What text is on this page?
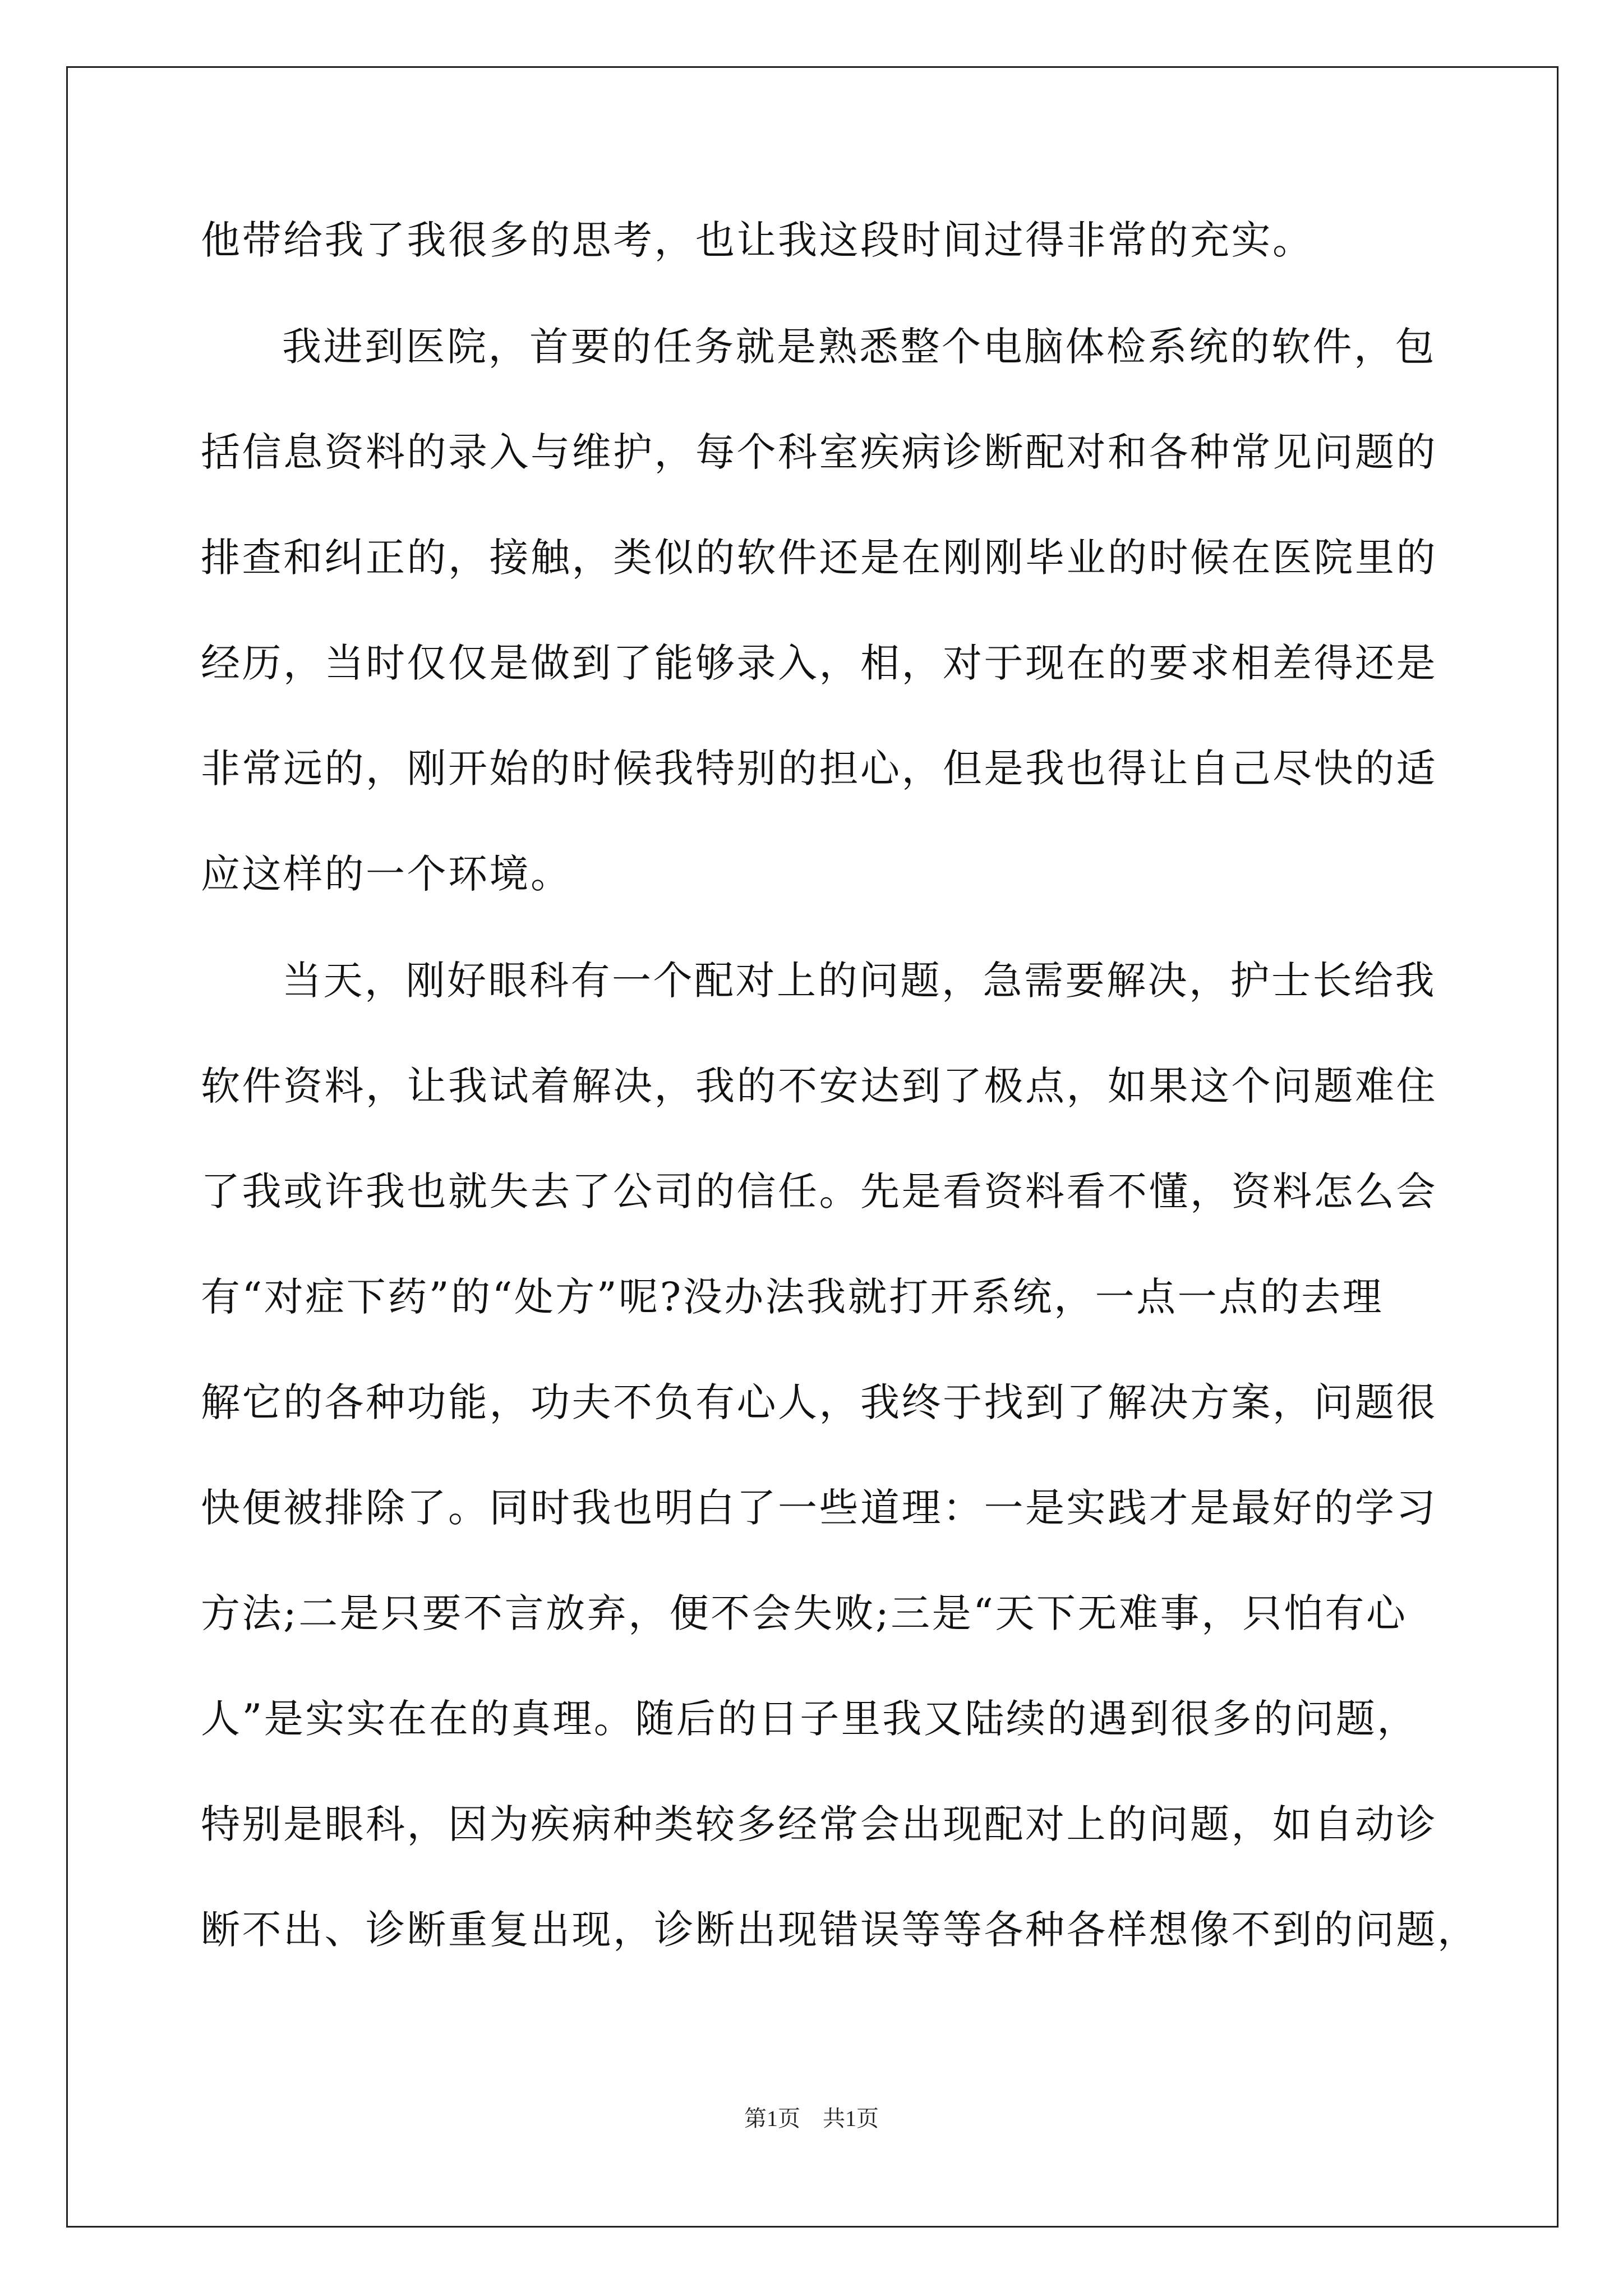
他带给我了我很多的思考，也让我这段时间过得非常的充实。
我进到医院，首要的任务就是熟悉整个电脑体检系统的软件，包
括信息资料的录入与维护，每个科室疾病诊断配对和各种常见问题的
排查和纠正的，接触，类似的软件还是在刚刚毕业的时候在医院里的
经历，当时仅仅是做到了能够录入，相，对于现在的要求相差得还是
非常远的，刚开始的时候我特别的担心，但是我也得让自己尽快的适
应这样的一个环境。
当天，刚好眼科有一个配对上的问题，急需要解决，护士长给我
软件资料，让我试着解决，我的不安达到了极点，如果这个问题难住
了我或许我也就失去了公司的信任。先是看资料看不懂，资料怎么会
有“对症下药”的“处方”呢?没办法我就打开系统，一点一点的去理
解它的各种功能，功夫不负有心人，我终于找到了解决方案，问题很
快便被排除了。同时我也明白了一些道理：一是实践才是最好的学习
方法;二是只要不言放弃，便不会失败;三是“天下无难事，只怕有心
人”是实实在在的真理。随后的日子里我又陆续的遇到很多的问题，
特别是眼科，因为疾病种类较多经常会出现配对上的问题，如自动诊
断不出、诊断重复出现，诊断出现错误等等各种各样想像不到的问题，
第1页　共1页
